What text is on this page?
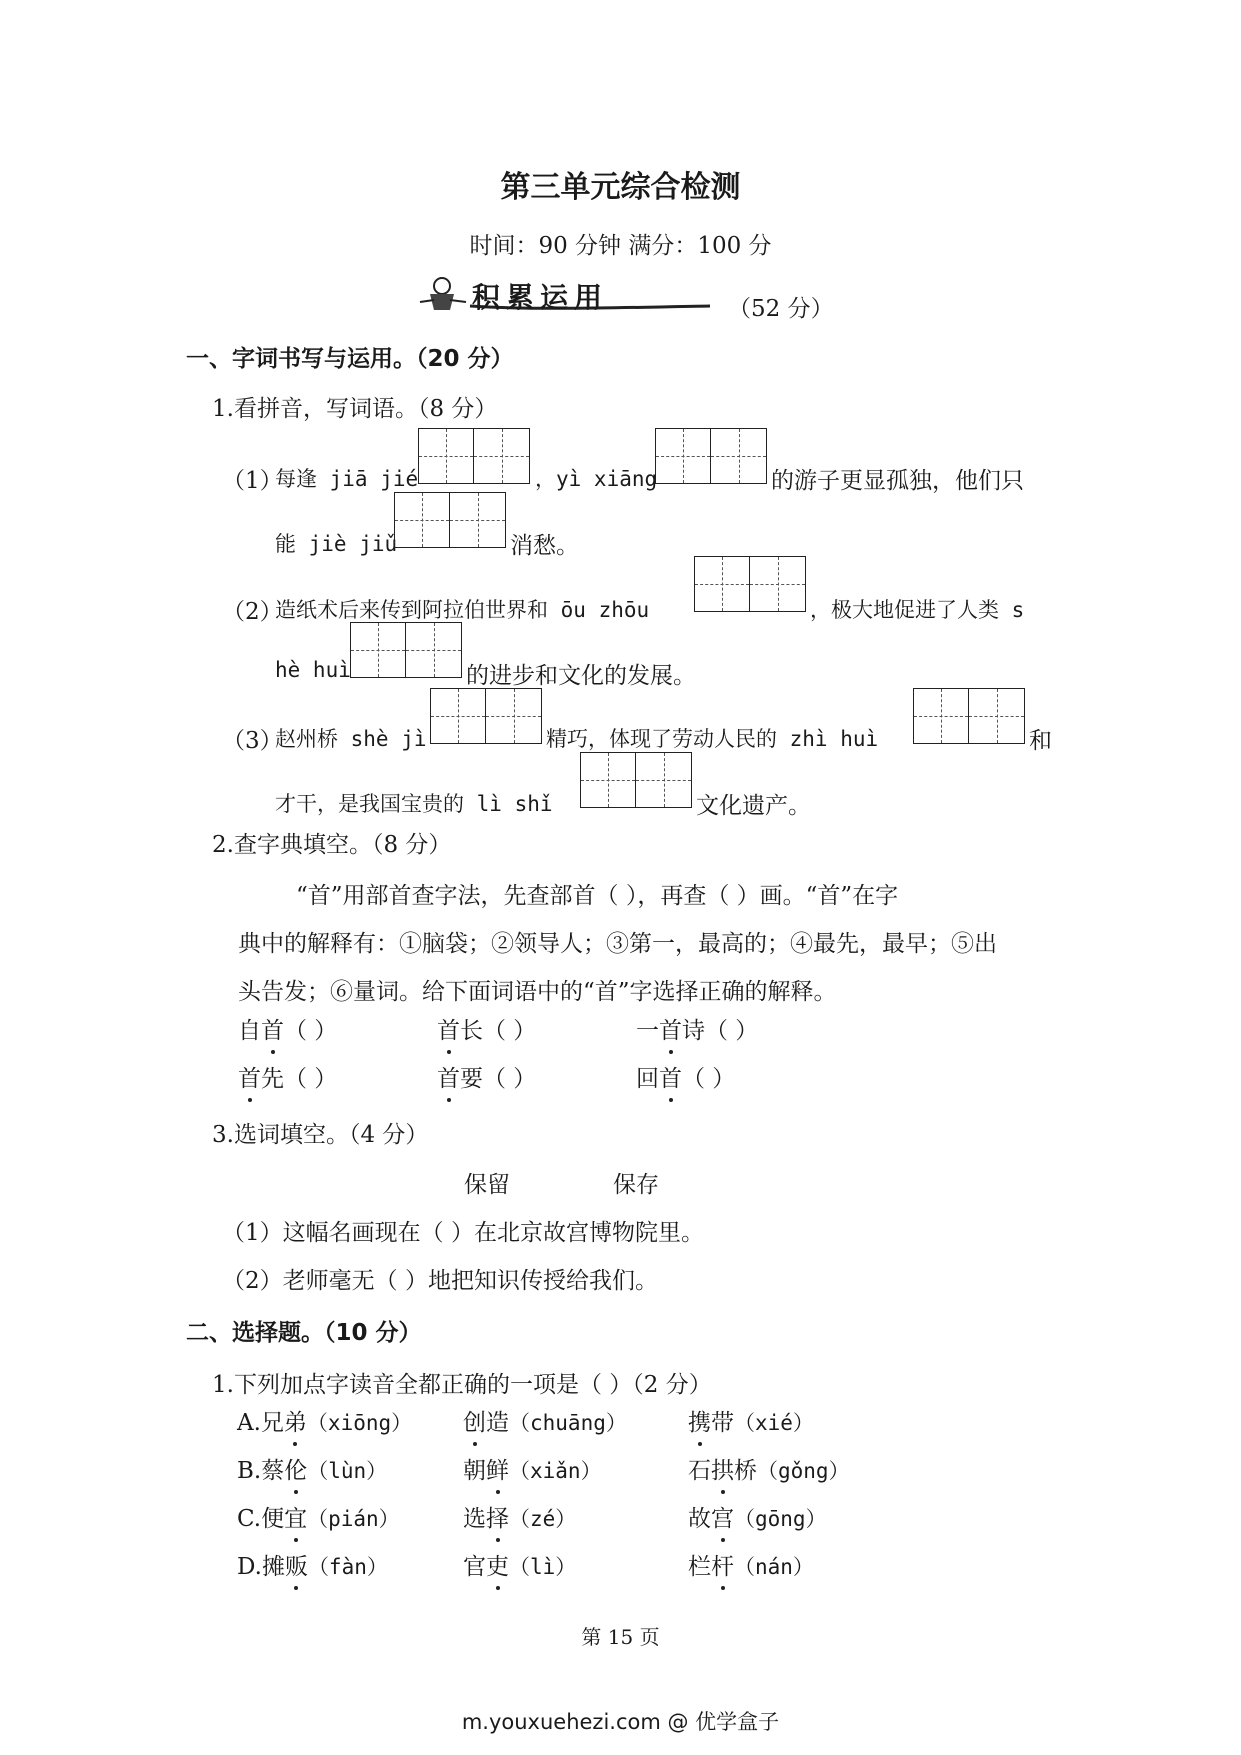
第三单元综合检测
时间：90 分钟 满分：100 分
积累运用	（52 分）
一、字词书写与运用。（20 分）
1.看拼音，写词语。（8 分）
（1）
每逢 jiā jié	，yì xiāng	的游子更显孤独，他们只
能 jiè jiǔ	消愁。
（2）
造纸术后来传到阿拉伯世界和 ōu zhōu	，极大地促进了人类 s
hè huì	的进步和文化的发展。
（3）
赵州桥 shè jì	精巧，体现了劳动人民的 zhì huì	和
才干，是我国宝贵的 lì shǐ	文化遗产。
2.查字典填空。（8 分）
“首”用部首查字法，先查部首（ ），再查（ ）画。“首”在字
典中的解释有：①脑袋；②领导人；③第一，最高的；④最先，最早；⑤出
头告发；⑥量词。给下面词语中的“首”字选择正确的解释。
自首（ ）	首长（ ）	一首诗（ ）
首先（ ）	首要（ ）	回首（ ）
3.选词填空。（4 分）
保留	保存
（1）这幅名画现在（ ）在北京故宫博物院里。
（2）老师毫无（ ）地把知识传授给我们。
二、选择题。（10 分）
1.下列加点字读音全都正确的一项是（ ）（2 分）
A.兄弟（xiōng） 创造（chuāng）	携带（xié）
B.蔡伦（lùn）	朝鲜（xiǎn）	石拱桥（gǒng）
C.便宜（pián）	选择（zé）	故宫（gōng）
D.摊贩（fàn）	官吏（lì）	栏杆（nán）
第 15 页
m.youxuehezi.com @ 优学盒子
